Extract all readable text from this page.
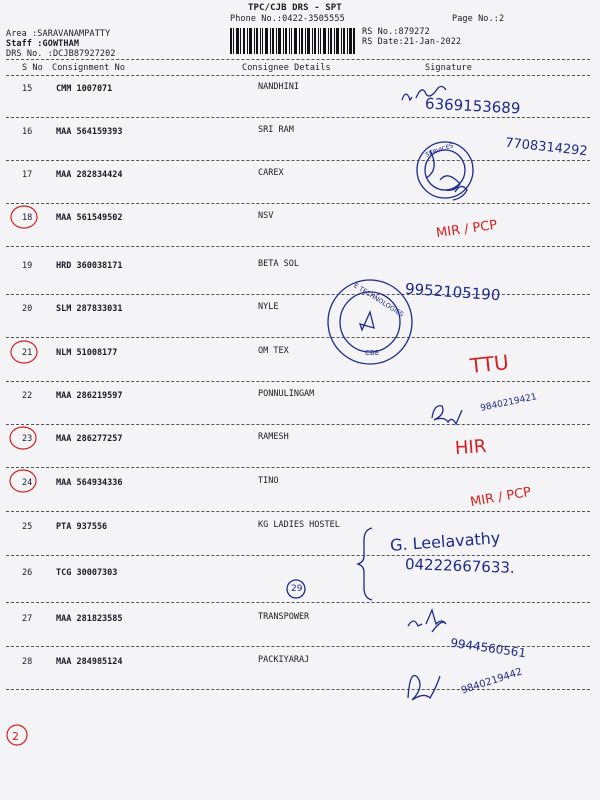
TPC/CJB DRS - SPT
Phone No.:0422-3505555	Page No.:2
RS No.:879272
RS Date:21-Jan-2022
Area :SARAVANAMPATTY
Staff :GOWTHAM
DRS No. :DCJB87927202
S No Consignment No	Consignee Details	Signature
15	CMM 1007071	NANDHINI
16	MAA 564159393	SRI RAM
17	MAA 282834424	CAREX
18	MAA 561549502	NSV
19	HRD 360038171	BETA SOL
20	SLM 287833031	NYLE
21	NLM 51008177	OM TEX
22	MAA 286219597	PONNULINGAM
23	MAA 286277257	RAMESH
24	MAA 564934336	TINO
25	PTA 937556	KG LADIES HOSTEL
26	TCG 30007303
27	MAA 281823585	TRANSPOWER
28	MAA 284985124	PACKIYARAJ
6369153689
7708314292
MIR / PCP
9952105190
TTU
9840219421
HIR
MIR / PCP
G. Leelavathy
04222667633.
29
9944560561
9840219442
2
SERVICES
E TECHNOLOGIES
CBE
